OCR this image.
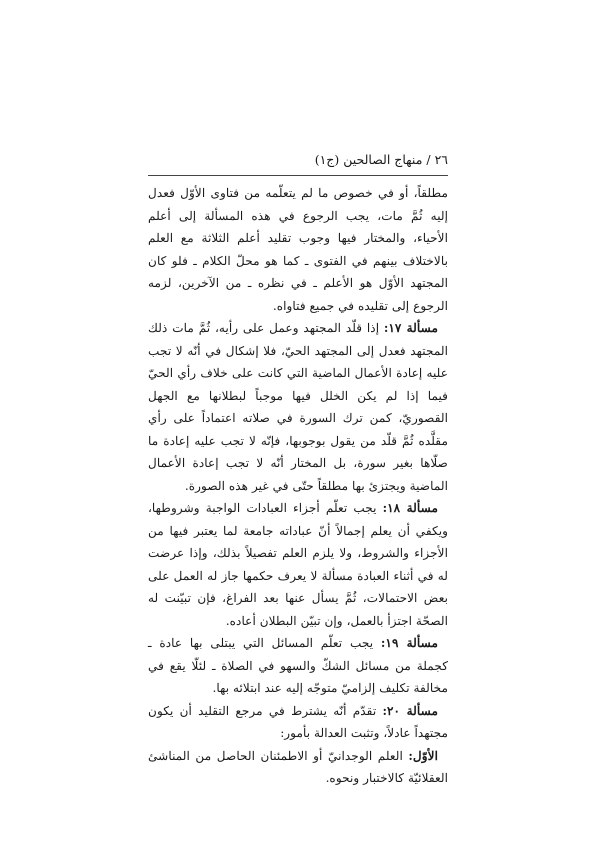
٢٦ / منهاج الصالحين (ج١)

مطلقاً، أو في خصوص ما لم يتعلّمه من فتاوى الأوّل فعدل إليه ثُمَّ مات، يجب الرجوع في هذه المسألة إلى أعلم الأحياء، والمختار فيها وجوب تقليد أعلم الثلاثة مع العلم بالاختلاف بينهم في الفتوى ـ كما هو محلّ الكلام ـ فلو كان المجتهد الأوّل هو الأعلم ـ في نظره ـ من الآخرين، لزمه الرجوع إلى تقليده في جميع فتاواه.

مسألة ١٧: إذا قلّد المجتهد وعمل على رأيه، ثُمَّ مات ذلك المجتهد فعدل إلى المجتهد الحيّ، فلا إشكال في أنّه لا تجب عليه إعادة الأعمال الماضية التي كانت على خلاف رأي الحيّ فيما إذا لم يكن الخلل فيها موجباً لبطلانها مع الجهل القصوريّ، كمن ترك السورة في صلاته اعتماداً على رأي مقلَّده ثُمَّ قلّد من يقول بوجوبها، فإنّه لا تجب عليه إعادة ما صلّاها بغير سورة، بل المختار أنّه لا تجب إعادة الأعمال الماضية ويجتزئ بها مطلقاً حتّى في غير هذه الصورة.

مسألة ١٨: يجب تعلّم أجزاء العبادات الواجبة وشروطها، ويكفي أن يعلم إجمالاً أنّ عباداته جامعة لما يعتبر فيها من الأجزاء والشروط، ولا يلزم العلم تفصيلاً بذلك، وإذا عرضت له في أثناء العبادة مسألة لا يعرف حكمها جاز له العمل على بعض الاحتمالات، ثُمَّ يسأل عنها بعد الفراغ، فإن تبيّنت له الصحّة اجتزأ بالعمل، وإن تبيّن البطلان أعاده.

مسألة ١٩: يجب تعلّم المسائل التي يبتلى بها عادة ـ كجملة من مسائل الشكّ والسهو في الصلاة ـ لئلّا يقع في مخالفة تكليف إلزاميّ متوجّه إليه عند ابتلائه بها.

مسألة ٢٠: تقدّم أنّه يشترط في مرجع التقليد أن يكون مجتهداً عادلاً، وتثبت العدالة بأمور:

الأوّل: العلم الوجدانيّ أو الاطمئنان الحاصل من المناشئ العقلائيّة كالاختبار ونحوه.
